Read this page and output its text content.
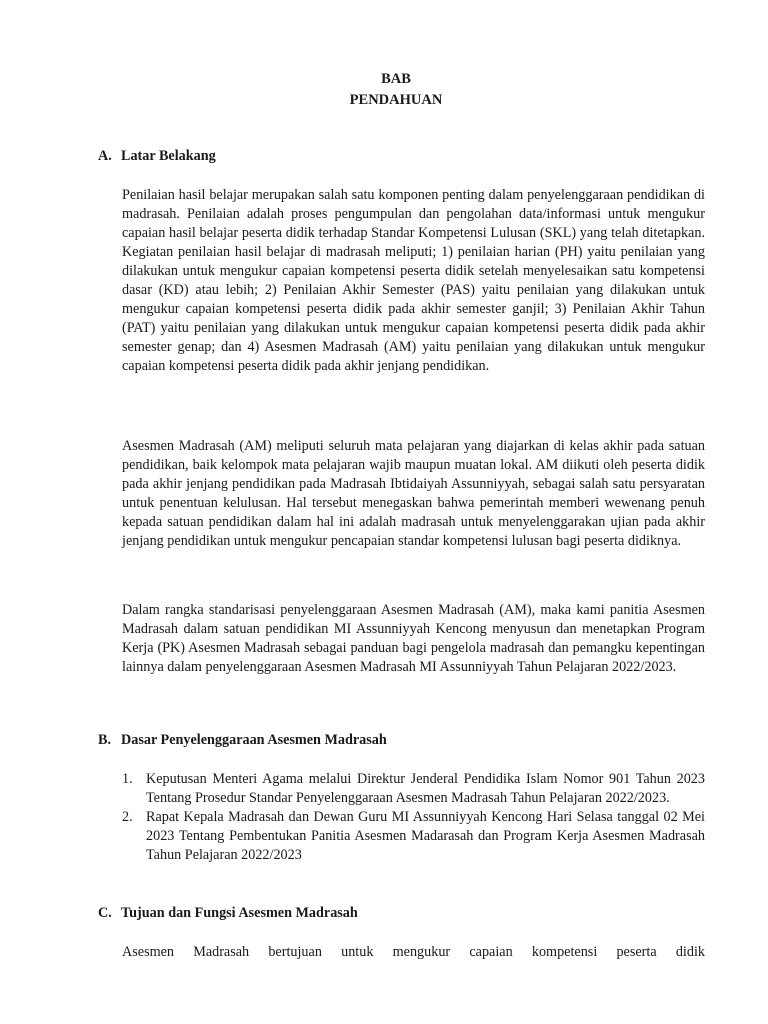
BAB
PENDAHUAN
A. Latar Belakang

Penilaian hasil belajar merupakan salah satu komponen penting dalam penyelenggaraan pendidikan di madrasah. Penilaian adalah proses pengumpulan dan pengolahan data/informasi untuk mengukur capaian hasil belajar peserta didik terhadap Standar Kompetensi Lulusan (SKL) yang telah ditetapkan. Kegiatan penilaian hasil belajar di madrasah meliputi; 1) penilaian harian (PH) yaitu penilaian yang dilakukan untuk mengukur capaian kompetensi peserta didik setelah menyelesaikan satu kompetensi dasar (KD) atau lebih; 2) Penilaian Akhir Semester (PAS) yaitu penilaian yang dilakukan untuk mengukur capaian kompetensi peserta didik pada akhir semester ganjil; 3) Penilaian Akhir Tahun (PAT) yaitu penilaian yang dilakukan untuk mengukur capaian kompetensi peserta didik pada akhir semester genap; dan 4) Asesmen Madrasah (AM) yaitu penilaian yang dilakukan untuk mengukur capaian kompetensi peserta didik pada akhir jenjang pendidikan.

Asesmen Madrasah (AM) meliputi seluruh mata pelajaran yang diajarkan di kelas akhir pada satuan pendidikan, baik kelompok mata pelajaran wajib maupun muatan lokal. AM diikuti oleh peserta didik pada akhir jenjang pendidikan pada Madrasah Ibtidaiyah Assunniyyah, sebagai salah satu persyaratan untuk penentuan kelulusan. Hal tersebut menegaskan bahwa pemerintah memberi wewenang penuh kepada satuan pendidikan dalam hal ini adalah madrasah untuk menyelenggarakan ujian pada akhir jenjang pendidikan untuk mengukur pencapaian standar kompetensi lulusan bagi peserta didiknya.

Dalam rangka standarisasi penyelenggaraan Asesmen Madrasah (AM), maka kami panitia Asesmen Madrasah dalam satuan pendidikan MI Assunniyyah Kencong menyusun dan menetapkan Program Kerja (PK) Asesmen Madrasah sebagai panduan bagi pengelola madrasah dan pemangku kepentingan lainnya dalam penyelenggaraan Asesmen Madrasah MI Assunniyyah Tahun Pelajaran 2022/2023.

B. Dasar Penyelenggaraan Asesmen Madrasah
1. Keputusan Menteri Agama melalui Direktur Jenderal Pendidika Islam Nomor 901 Tahun 2023 Tentang Prosedur Standar Penyelenggaraan Asesmen Madrasah Tahun Pelajaran 2022/2023.
2. Rapat Kepala Madrasah dan Dewan Guru MI Assunniyyah Kencong Hari Selasa tanggal 02 Mei 2023 Tentang Pembentukan Panitia Asesmen Madarasah dan Program Kerja Asesmen Madrasah Tahun Pelajaran 2022/2023
C. Tujuan dan Fungsi Asesmen Madrasah

Asesmen Madrasah bertujuan untuk mengukur capaian kompetensi peserta didik
